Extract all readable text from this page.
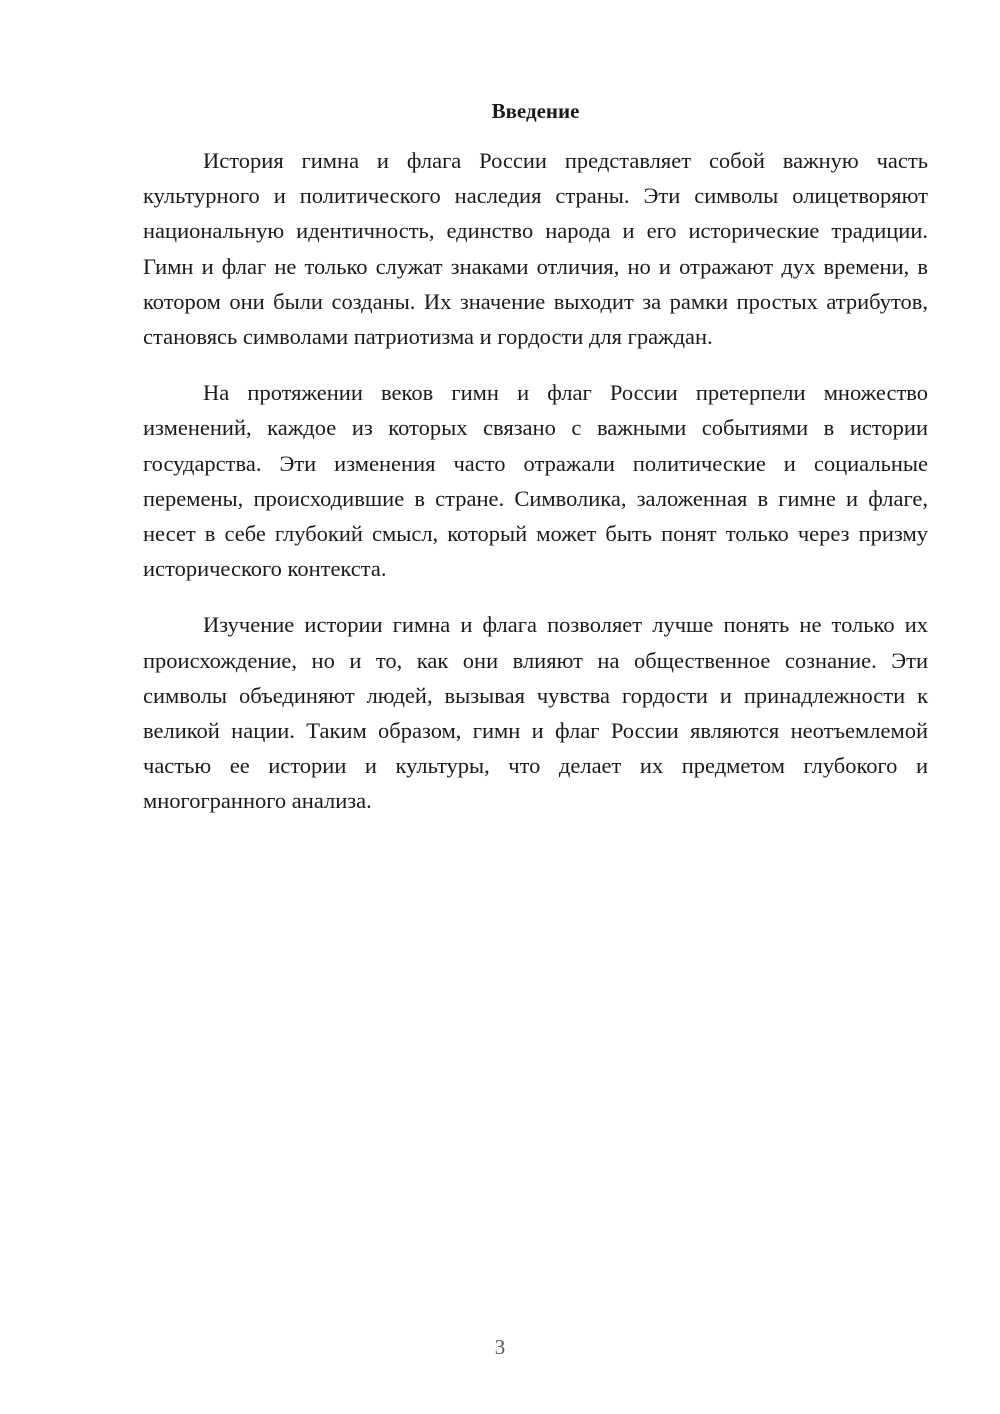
Введение

История гимна и флага России представляет собой важную часть культурного и политического наследия страны. Эти символы олицетворяют национальную идентичность, единство народа и его исторические традиции. Гимн и флаг не только служат знаками отличия, но и отражают дух времени, в котором они были созданы. Их значение выходит за рамки простых атрибутов, становясь символами патриотизма и гордости для граждан.

На протяжении веков гимн и флаг России претерпели множество изменений, каждое из которых связано с важными событиями в истории государства. Эти изменения часто отражали политические и социальные перемены, происходившие в стране. Символика, заложенная в гимне и флаге, несет в себе глубокий смысл, который может быть понят только через призму исторического контекста.

Изучение истории гимна и флага позволяет лучше понять не только их происхождение, но и то, как они влияют на общественное сознание. Эти символы объединяют людей, вызывая чувства гордости и принадлежности к великой нации. Таким образом, гимн и флаг России являются неотъемлемой частью ее истории и культуры, что делает их предметом глубокого и многогранного анализа.

3
